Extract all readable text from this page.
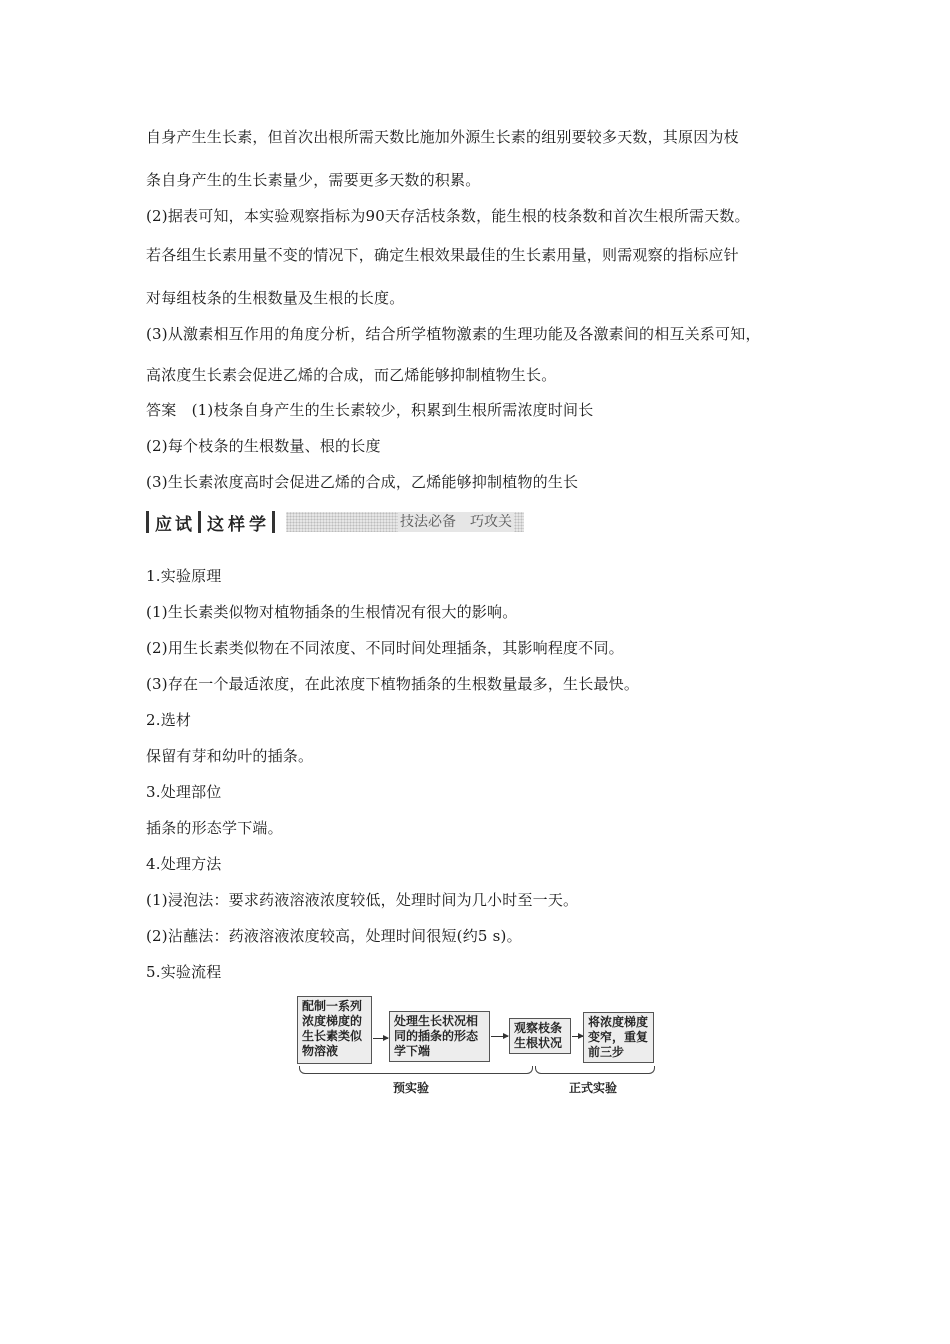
自身产生生长素，但首次出根所需天数比施加外源生长素的组别要较多天数，其原因为枝
条自身产生的生长素量少，需要更多天数的积累。
(2)据表可知，本实验观察指标为90天存活枝条数，能生根的枝条数和首次生根所需天数。
若各组生长素用量不变的情况下，确定生根效果最佳的生长素用量，则需观察的指标应针
对每组枝条的生根数量及生根的长度。
(3)从激素相互作用的角度分析，结合所学植物激素的生理功能及各激素间的相互关系可知，
高浓度生长素会促进乙烯的合成，而乙烯能够抑制植物生长。
答案　(1)枝条自身产生的生长素较少，积累到生根所需浓度时间长
(2)每个枝条的生根数量、根的长度
(3)生长素浓度高时会促进乙烯的合成，乙烯能够抑制植物的生长
应 试 这 样 学	技法必备　巧攻关
1.实验原理
(1)生长素类似物对植物插条的生根情况有很大的影响。
(2)用生长素类似物在不同浓度、不同时间处理插条，其影响程度不同。
(3)存在一个最适浓度，在此浓度下植物插条的生根数量最多，生长最快。
2.选材
保留有芽和幼叶的插条。
3.处理部位
插条的形态学下端。
4.处理方法
(1)浸泡法：要求药液溶液浓度较低，处理时间为几小时至一天。
(2)沾蘸法：药液溶液浓度较高，处理时间很短(约5 s)。
5.实验流程
配制一系列
浓度梯度的
生长素类似
物溶液
处理生长状况相
同的插条的形态
学下端
观察枝条
生根状况
将浓度梯度
变窄，重复
前三步
预实验	正式实验
